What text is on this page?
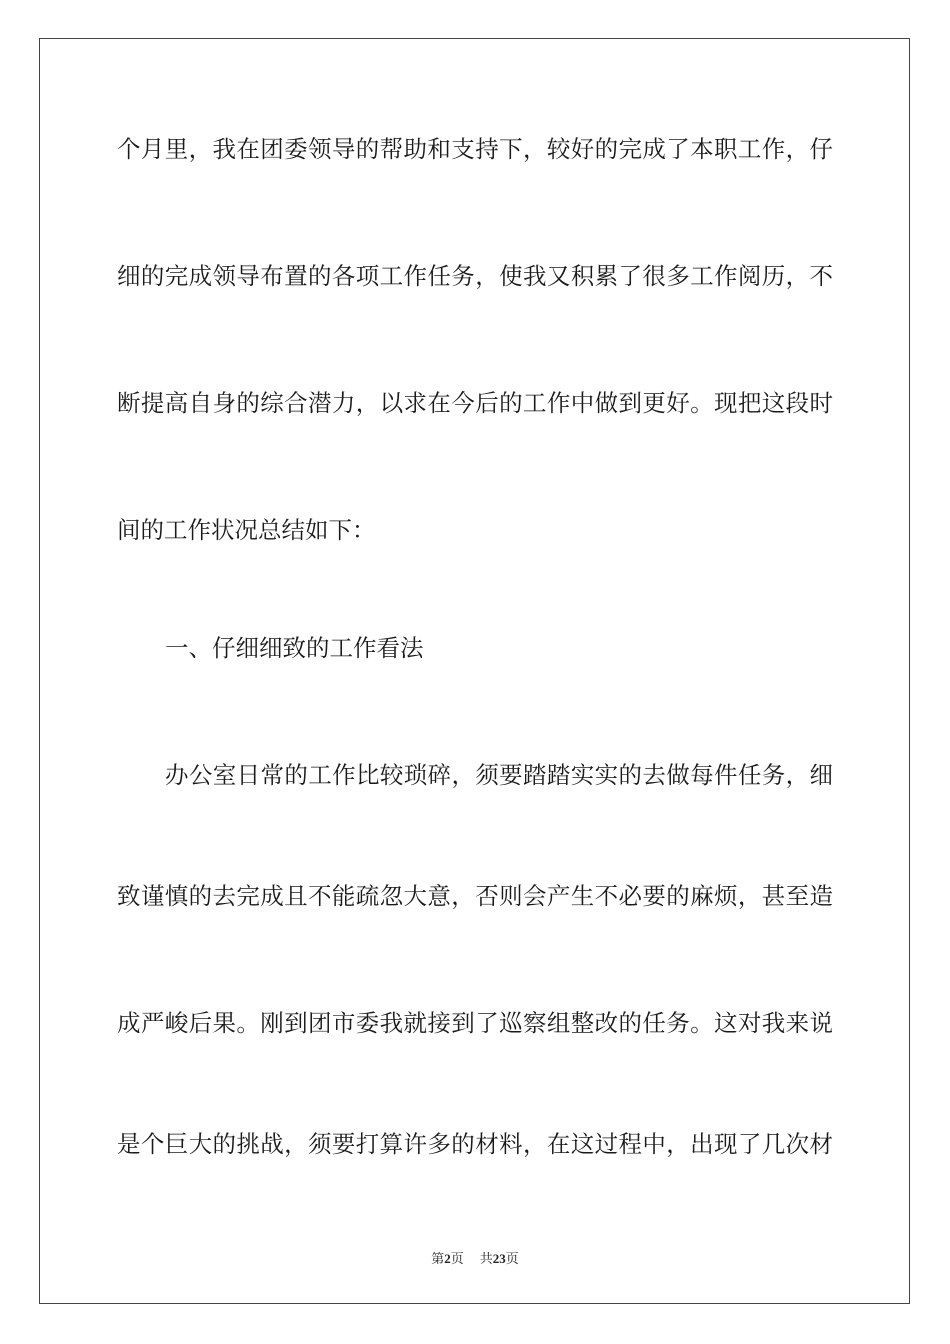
个月里，我在团委领导的帮助和支持下，较好的完成了本职工作，仔
细的完成领导布置的各项工作任务，使我又积累了很多工作阅历，不
断提高自身的综合潜力，以求在今后的工作中做到更好。现把这段时
间的工作状况总结如下：
一、仔细细致的工作看法
办公室日常的工作比较琐碎，须要踏踏实实的去做每件任务，细
致谨慎的去完成且不能疏忽大意，否则会产生不必要的麻烦，甚至造
成严峻后果。刚到团市委我就接到了巡察组整改的任务。这对我来说
是个巨大的挑战，须要打算许多的材料，在这过程中，出现了几次材
第2页 共23页
